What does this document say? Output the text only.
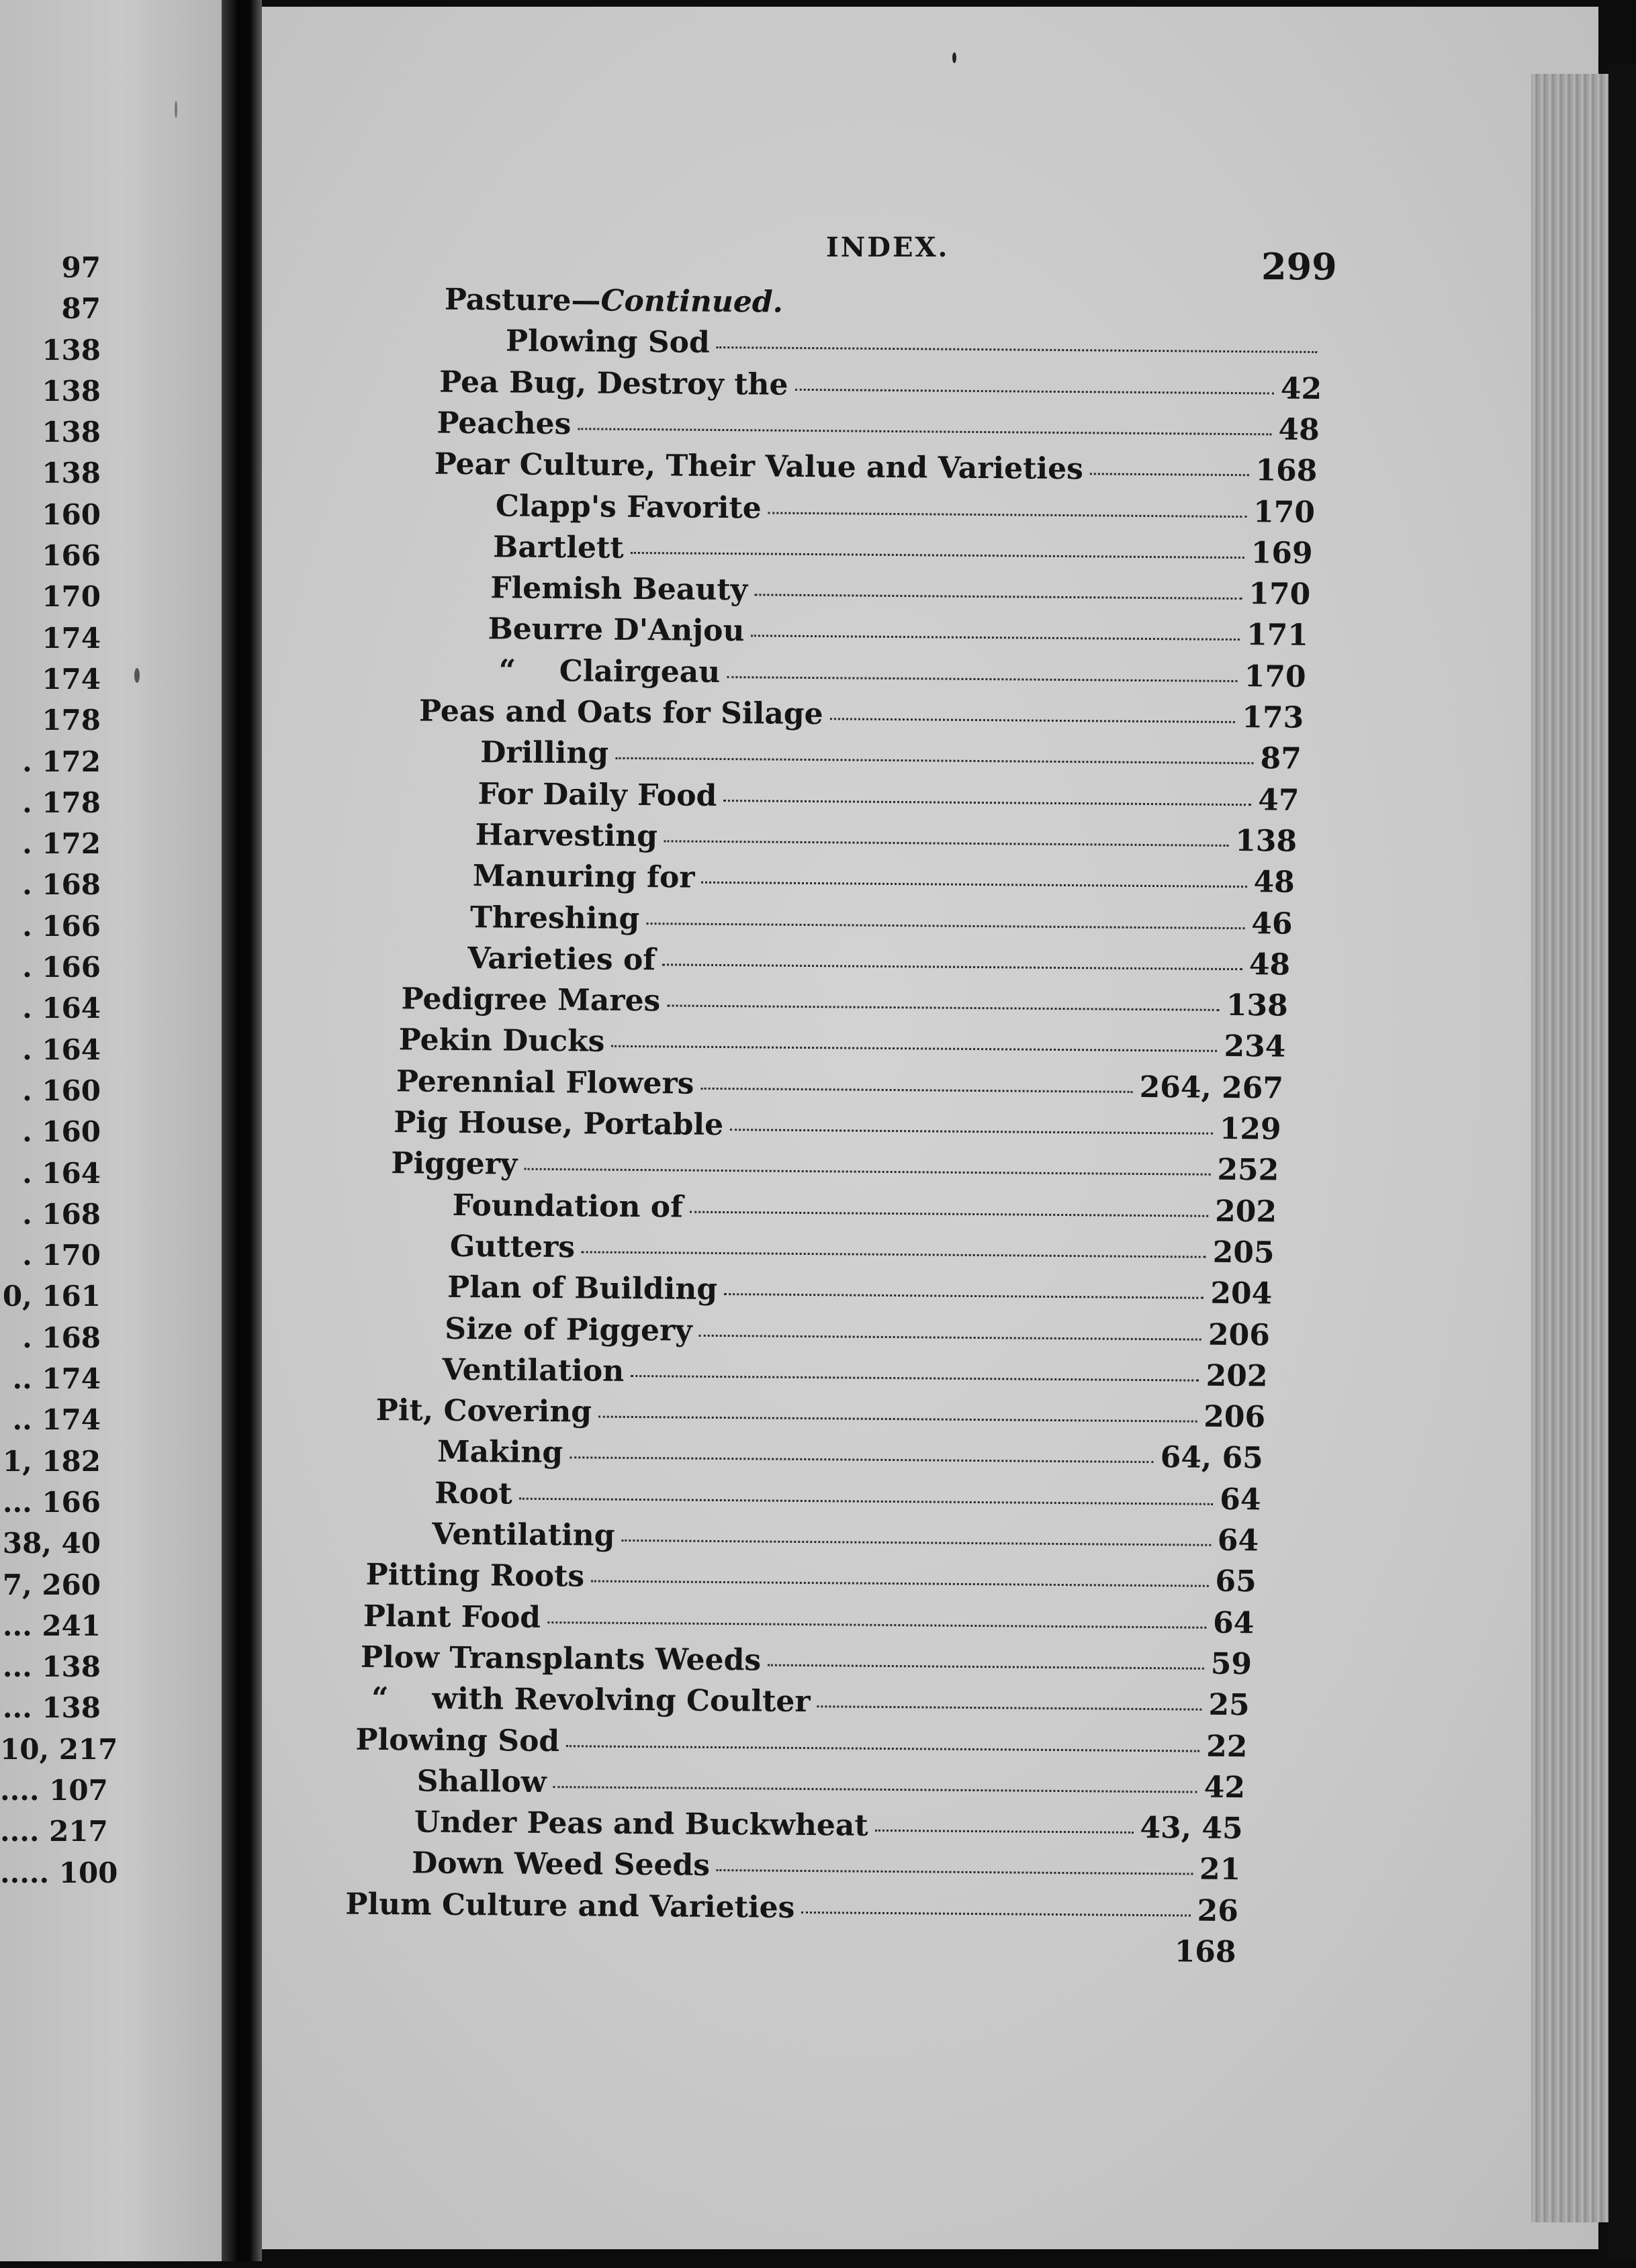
97
87
138
138
138
138
160
166
170
174
174
178
. 172
. 178
. 172
. 168
. 166
. 166
. 164
. 164
. 160
. 160
. 164
. 168
. 170
0, 161
. 168
.. 174
.. 174
1, 182
... 166
38, 40
7, 260
... 241
... 138
... 138
10, 217
.... 107
.... 217
..... 100
INDEX.	299
Pasture— Continued.
Plowing Sod
Pea Bug, Destroy the	42
Peaches	48
Pear Culture, Their Value and Varieties	168
Clapp's Favorite	170
Bartlett	169
Flemish Beauty	170
Beurre D'Anjou	171
“	Clairgeau	170
Peas and Oats for Silage	173
Drilling	87
For Daily Food	47
Harvesting	138
Manuring for	48
Threshing	46
Varieties of	48
Pedigree Mares	138
Pekin Ducks	234
Perennial Flowers	264, 267
Pig House, Portable	129
Piggery	252
Foundation of	202
Gutters	205
Plan of Building	204
Size of Piggery	206
Ventilation	202
Pit, Covering	206
Making	64, 65
Root	64
Ventilating	64
Pitting Roots	65
Plant Food	64
Plow Transplants Weeds	59
“	with Revolving Coulter	25
Plowing Sod	22
Shallow	42
Under Peas and Buckwheat	43, 45
Down Weed Seeds	21
Plum Culture and Varieties	26
168
